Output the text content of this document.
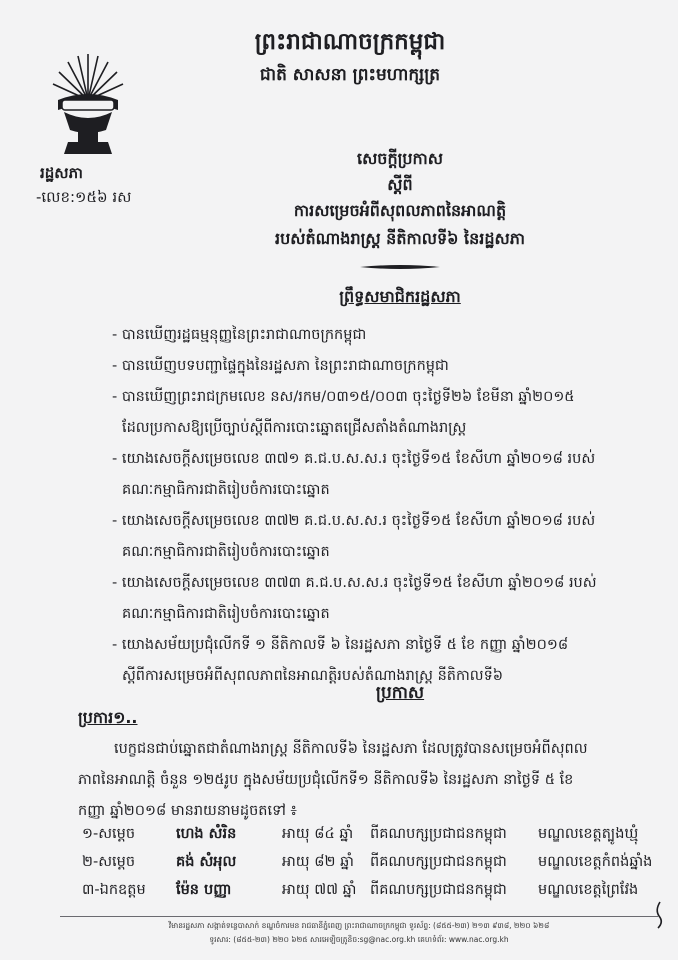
ព្រះរាជាណាចក្រកម្ពុជា
ជាតិ សាសនា ព្រះមហាក្សត្រ
រដ្ឋសភា
-លេខ:១៥៦ រស
សេចក្តីប្រកាស
ស្តីពី
ការសម្រេចអំពីសុពលភាពនៃអាណត្តិ
របស់តំណាងរាស្ត្រ នីតិកាលទី៦ នៃរដ្ឋសភា
ព្រឹទ្ធសមាជិករដ្ឋសភា
- បានឃើញរដ្ឋធម្មនុញ្ញនៃព្រះរាជាណាចក្រកម្ពុជា
- បានឃើញបទបញ្ជាផ្ទៃក្នុងនៃរដ្ឋសភា នៃព្រះរាជាណាចក្រកម្ពុជា
- បានឃើញព្រះរាជក្រមលេខ នស/រកម/០៣១៥/០០៣ ចុះថ្ងៃទី២៦ ខែមីនា ឆ្នាំ២០១៥
ដែលប្រកាសឱ្យប្រើច្បាប់ស្តីពីការបោះឆ្នោតជ្រើសតាំងតំណាងរាស្ត្រ
- យោងសេចក្តីសម្រេចលេខ ៣៧១ គ.ជ.ប.ស.ស.រ ចុះថ្ងៃទី១៥ ខែសីហា ឆ្នាំ២០១៨ របស់
គណៈកម្មាធិការជាតិរៀបចំការបោះឆ្នោត
- យោងសេចក្តីសម្រេចលេខ ៣៧២ គ.ជ.ប.ស.ស.រ ចុះថ្ងៃទី១៥ ខែសីហា ឆ្នាំ២០១៨ របស់
គណៈកម្មាធិការជាតិរៀបចំការបោះឆ្នោត
- យោងសេចក្តីសម្រេចលេខ ៣៧៣ គ.ជ.ប.ស.ស.រ ចុះថ្ងៃទី១៥ ខែសីហា ឆ្នាំ២០១៨ របស់
គណៈកម្មាធិការជាតិរៀបចំការបោះឆ្នោត
- យោងសម័យប្រជុំលើកទី ១ នីតិកាលទី ៦ នៃរដ្ឋសភា នាថ្ងៃទី ៥ ខែ កញ្ញា ឆ្នាំ២០១៨
ស្តីពីការសម្រេចអំពីសុពលភាពនៃអាណត្តិរបស់តំណាងរាស្ត្រ នីតិកាលទី៦
ប្រកាស
ប្រការ១..
បេក្ខជនជាប់ឆ្នោតជាតំណាងរាស្ត្រ នីតិកាលទី៦ នៃរដ្ឋសភា ដែលត្រូវបានសម្រេចអំពីសុពល
ភាពនៃអាណត្តិ ចំនួន ១២៥រូប ក្នុងសម័យប្រជុំលើកទី១ នីតិកាលទី៦ នៃរដ្ឋសភា នាថ្ងៃទី ៥ ខែ
កញ្ញា ឆ្នាំ២០១៨ មានរាយនាមដូចតទៅ ៖
១-សម្តេច	ហេង សំរិន	អាយុ ៨៤ ឆ្នាំ ពីគណបក្សប្រជាជនកម្ពុជា មណ្ឌលខេត្តត្បូងឃ្មុំ
២-សម្តេច	គង់ សំអុល	អាយុ ៨២ ឆ្នាំ ពីគណបក្សប្រជាជនកម្ពុជា មណ្ឌលខេត្តកំពង់ឆ្នាំង
៣-ឯកឧត្តម ម៉ែន បញ្ញា	អាយុ ៧៧ ឆ្នាំ ពីគណបក្សប្រជាជនកម្ពុជា មណ្ឌលខេត្តព្រៃវែង
វិមានរដ្ឋសភា សង្កាត់ទន្លេបាសាក់ ខណ្ឌចំការមន រាជធានីភ្នំពេញ ព្រះរាជាណាចក្រកម្ពុជា ទូរស័ព្ទ: (៨៥៥-២៣) ២១៣ ៩៣៨, ២២០ ៦២៨
ទូរសារ: (៨៥៥-២៣) ២២០ ៦២៥ សារអេឡិចត្រូនិច:sg@nac.org.kh គេហទំព័រ: www.nac.org.kh
